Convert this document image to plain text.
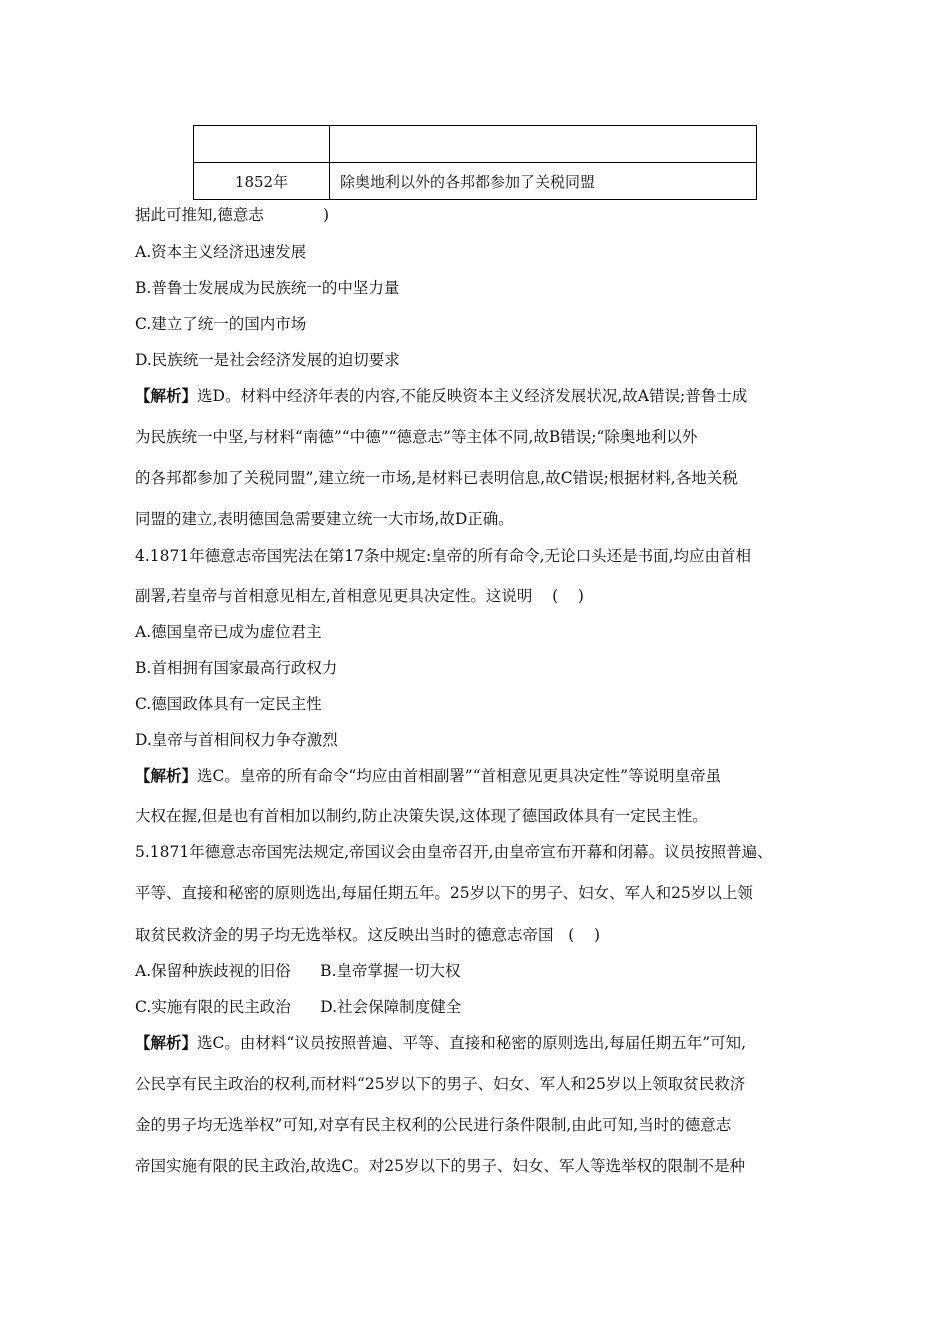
1852年	除奥地利以外的各邦都参加了关税同盟
据此可推知,德意志            )
A.资本主义经济迅速发展
B.普鲁士发展成为民族统一的中坚力量
C.建立了统一的国内市场
D.民族统一是社会经济发展的迫切要求
【解析】选D。材料中经济年表的内容,不能反映资本主义经济发展状况,故A错误;普鲁士成
为民族统一中坚,与材料“南德”“中德”“德意志”等主体不同,故B错误;“除奥地利以外
的各邦都参加了关税同盟”,建立统一市场,是材料已表明信息,故C错误;根据材料,各地关税
同盟的建立,表明德国急需要建立统一大市场,故D正确。
4.1871年德意志帝国宪法在第17条中规定:皇帝的所有命令,无论口头还是书面,均应由首相
副署,若皇帝与首相意见相左,首相意见更具决定性。这说明    (    )
A.德国皇帝已成为虚位君主
B.首相拥有国家最高行政权力
C.德国政体具有一定民主性
D.皇帝与首相间权力争夺激烈
【解析】选C。皇帝的所有命令“均应由首相副署”“首相意见更具决定性”等说明皇帝虽
大权在握,但是也有首相加以制约,防止决策失误,这体现了德国政体具有一定民主性。
5.1871年德意志帝国宪法规定,帝国议会由皇帝召开,由皇帝宣布开幕和闭幕。议员按照普遍、
平等、直接和秘密的原则选出,每届任期五年。25岁以下的男子、妇女、军人和25岁以上领
取贫民救济金的男子均无选举权。这反映出当时的德意志帝国   (    )
A.保留种族歧视的旧俗      B.皇帝掌握一切大权
C.实施有限的民主政治      D.社会保障制度健全
【解析】选C。由材料“议员按照普遍、平等、直接和秘密的原则选出,每届任期五年”可知,
公民享有民主政治的权利,而材料“25岁以下的男子、妇女、军人和25岁以上领取贫民救济
金的男子均无选举权”可知,对享有民主权利的公民进行条件限制,由此可知,当时的德意志
帝国实施有限的民主政治,故选C。对25岁以下的男子、妇女、军人等选举权的限制不是种
